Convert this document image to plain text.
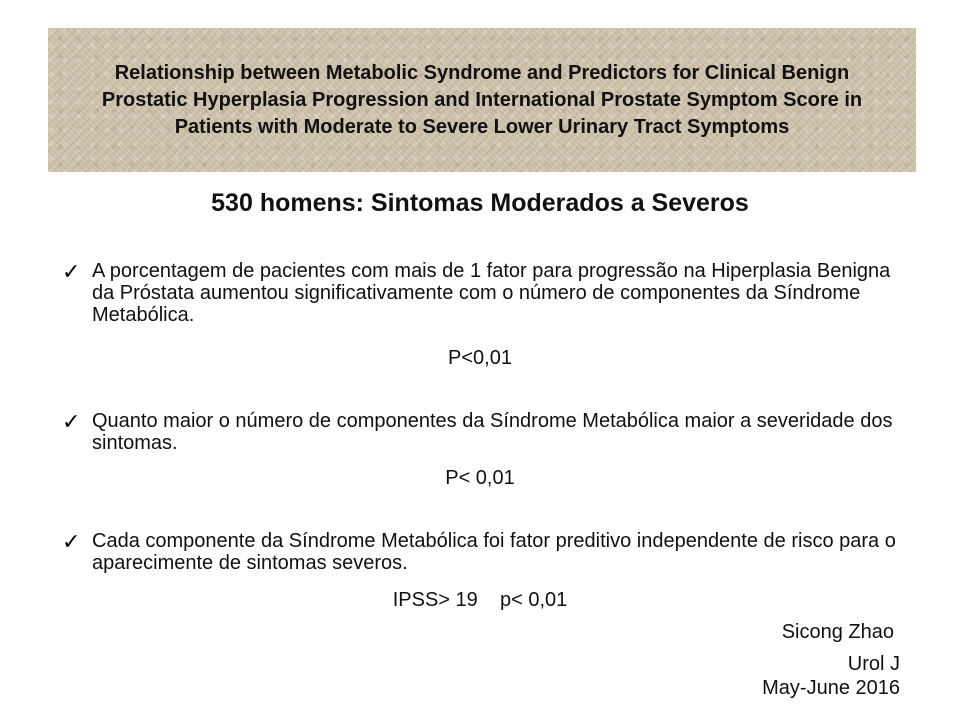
Relationship between Metabolic Syndrome and Predictors for Clinical Benign Prostatic Hyperplasia Progression and International Prostate Symptom Score in Patients with Moderate to Severe Lower Urinary Tract Symptoms
530 homens: Sintomas Moderados a Severos
✓ A porcentagem de pacientes com mais de 1 fator para progressão na Hiperplasia Benigna da Próstata aumentou significativamente com o número de componentes da Síndrome Metabólica.
P<0,01
✓ Quanto maior o número de componentes da Síndrome Metabólica maior a severidade dos sintomas.
P< 0,01
✓ Cada componente da Síndrome Metabólica foi fator preditivo independente de risco para o aparecimente de sintomas severos.
IPSS> 19    p< 0,01
Sicong Zhao
Urol J
May-June 2016
